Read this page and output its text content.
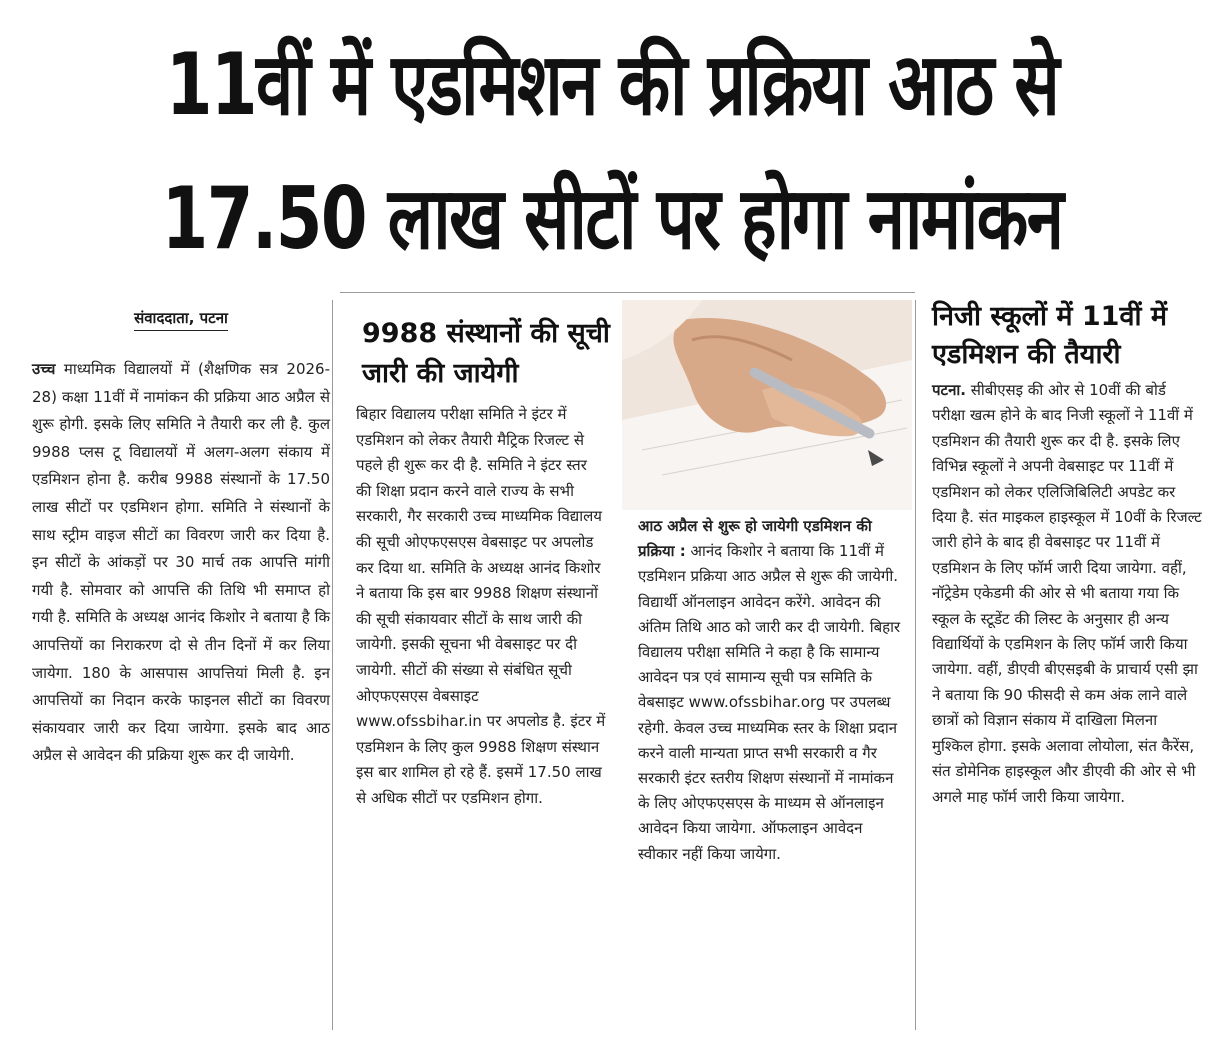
11वीं में एडमिशन की प्रक्रिया आठ से
17.50 लाख सीटों पर होगा नामांकन
संवाददाता, पटना

उच्च माध्यमिक विद्यालयों में (शैक्षणिक सत्र 2026-28) कक्षा 11वीं में नामांकन की प्रक्रिया आठ अप्रैल से शुरू होगी. इसके लिए समिति ने तैयारी कर ली है. कुल 9988 प्लस टू विद्यालयों में अलग-अलग संकाय में एडमिशन होना है. करीब 9988 संस्थानों के 17.50 लाख सीटों पर एडमिशन होगा. समिति ने संस्थानों के साथ स्ट्रीम वाइज सीटों का विवरण जारी कर दिया है. इन सीटों के आंकड़ों पर 30 मार्च तक आपत्ति मांगी गयी है. सोमवार को आपत्ति की तिथि भी समाप्त हो गयी है. समिति के अध्यक्ष आनंद किशोर ने बताया है कि आपत्तियों का निराकरण दो से तीन दिनों में कर लिया जायेगा. 180 के आसपास आपत्तियां मिली है. इन आपत्तियों का निदान करके फाइनल सीटों का विवरण संकायवार जारी कर दिया जायेगा. इसके बाद आठ अप्रैल से आवेदन की प्रक्रिया शुरू कर दी जायेगी.

9988 संस्थानों की सूची जारी की जायेगी

बिहार विद्यालय परीक्षा समिति ने इंटर में एडमिशन को लेकर तैयारी मैट्रिक रिजल्ट से पहले ही शुरू कर दी है. समिति ने इंटर स्तर की शिक्षा प्रदान करने वाले राज्य के सभी सरकारी, गैर सरकारी उच्च माध्यमिक विद्यालय की सूची ओएफएसएस वेबसाइट पर अपलोड कर दिया था. समिति के अध्यक्ष आनंद किशोर ने बताया कि इस बार 9988 शिक्षण संस्थानों की सूची संकायवार सीटों के साथ जारी की जायेगी. इसकी सूचना भी वेबसाइट पर दी जायेगी. सीटों की संख्या से संबंधित सूची ओएफएसएस वेबसाइट www.ofssbihar.in पर अपलोड है. इंटर में एडमिशन के लिए कुल 9988 शिक्षण संस्थान इस बार शामिल हो रहे हैं. इसमें 17.50 लाख से अधिक सीटों पर एडमिशन होगा.

आठ अप्रैल से शुरू हो जायेगी एडमिशन की प्रक्रिया : आनंद किशोर ने बताया कि 11वीं में एडमिशन प्रक्रिया आठ अप्रैल से शुरू की जायेगी. विद्यार्थी ऑनलाइन आवेदन करेंगे. आवेदन की अंतिम तिथि आठ को जारी कर दी जायेगी. बिहार विद्यालय परीक्षा समिति ने कहा है कि सामान्य आवेदन पत्र एवं सामान्य सूची पत्र समिति के वेबसाइट www.ofssbihar.org पर उपलब्ध रहेगी. केवल उच्च माध्यमिक स्तर के शिक्षा प्रदान करने वाली मान्यता प्राप्त सभी सरकारी व गैर सरकारी इंटर स्तरीय शिक्षण संस्थानों में नामांकन के लिए ओएफएसएस के माध्यम से ऑनलाइन आवेदन किया जायेगा. ऑफलाइन आवेदन स्वीकार नहीं किया जायेगा.
निजी स्कूलों में 11वीं में एडमिशन की तैयारी

पटना. सीबीएसइ की ओर से 10वीं की बोर्ड परीक्षा खत्म होने के बाद निजी स्कूलों ने 11वीं में एडमिशन की तैयारी शुरू कर दी है. इसके लिए विभिन्न स्कूलों ने अपनी वेबसाइट पर 11वीं में एडमिशन को लेकर एलिजिबिलिटी अपडेट कर दिया है. संत माइकल हाइस्कूल में 10वीं के रिजल्ट जारी होने के बाद ही वेबसाइट पर 11वीं में एडमिशन के लिए फॉर्म जारी दिया जायेगा. वहीं, नॉट्रेडेम एकेडमी की ओर से भी बताया गया कि स्कूल के स्टूडेंट की लिस्ट के अनुसार ही अन्य विद्यार्थियों के एडमिशन के लिए फॉर्म जारी किया जायेगा. वहीं, डीएवी बीएसइबी के प्राचार्य एसी झा ने बताया कि 90 फीसदी से कम अंक लाने वाले छात्रों को विज्ञान संकाय में दाखिला मिलना मुश्किल होगा. इसके अलावा लोयोला, संत कैरेंस, संत डोमेनिक हाइस्कूल और डीएवी की ओर से भी अगले माह फॉर्म जारी किया जायेगा.
